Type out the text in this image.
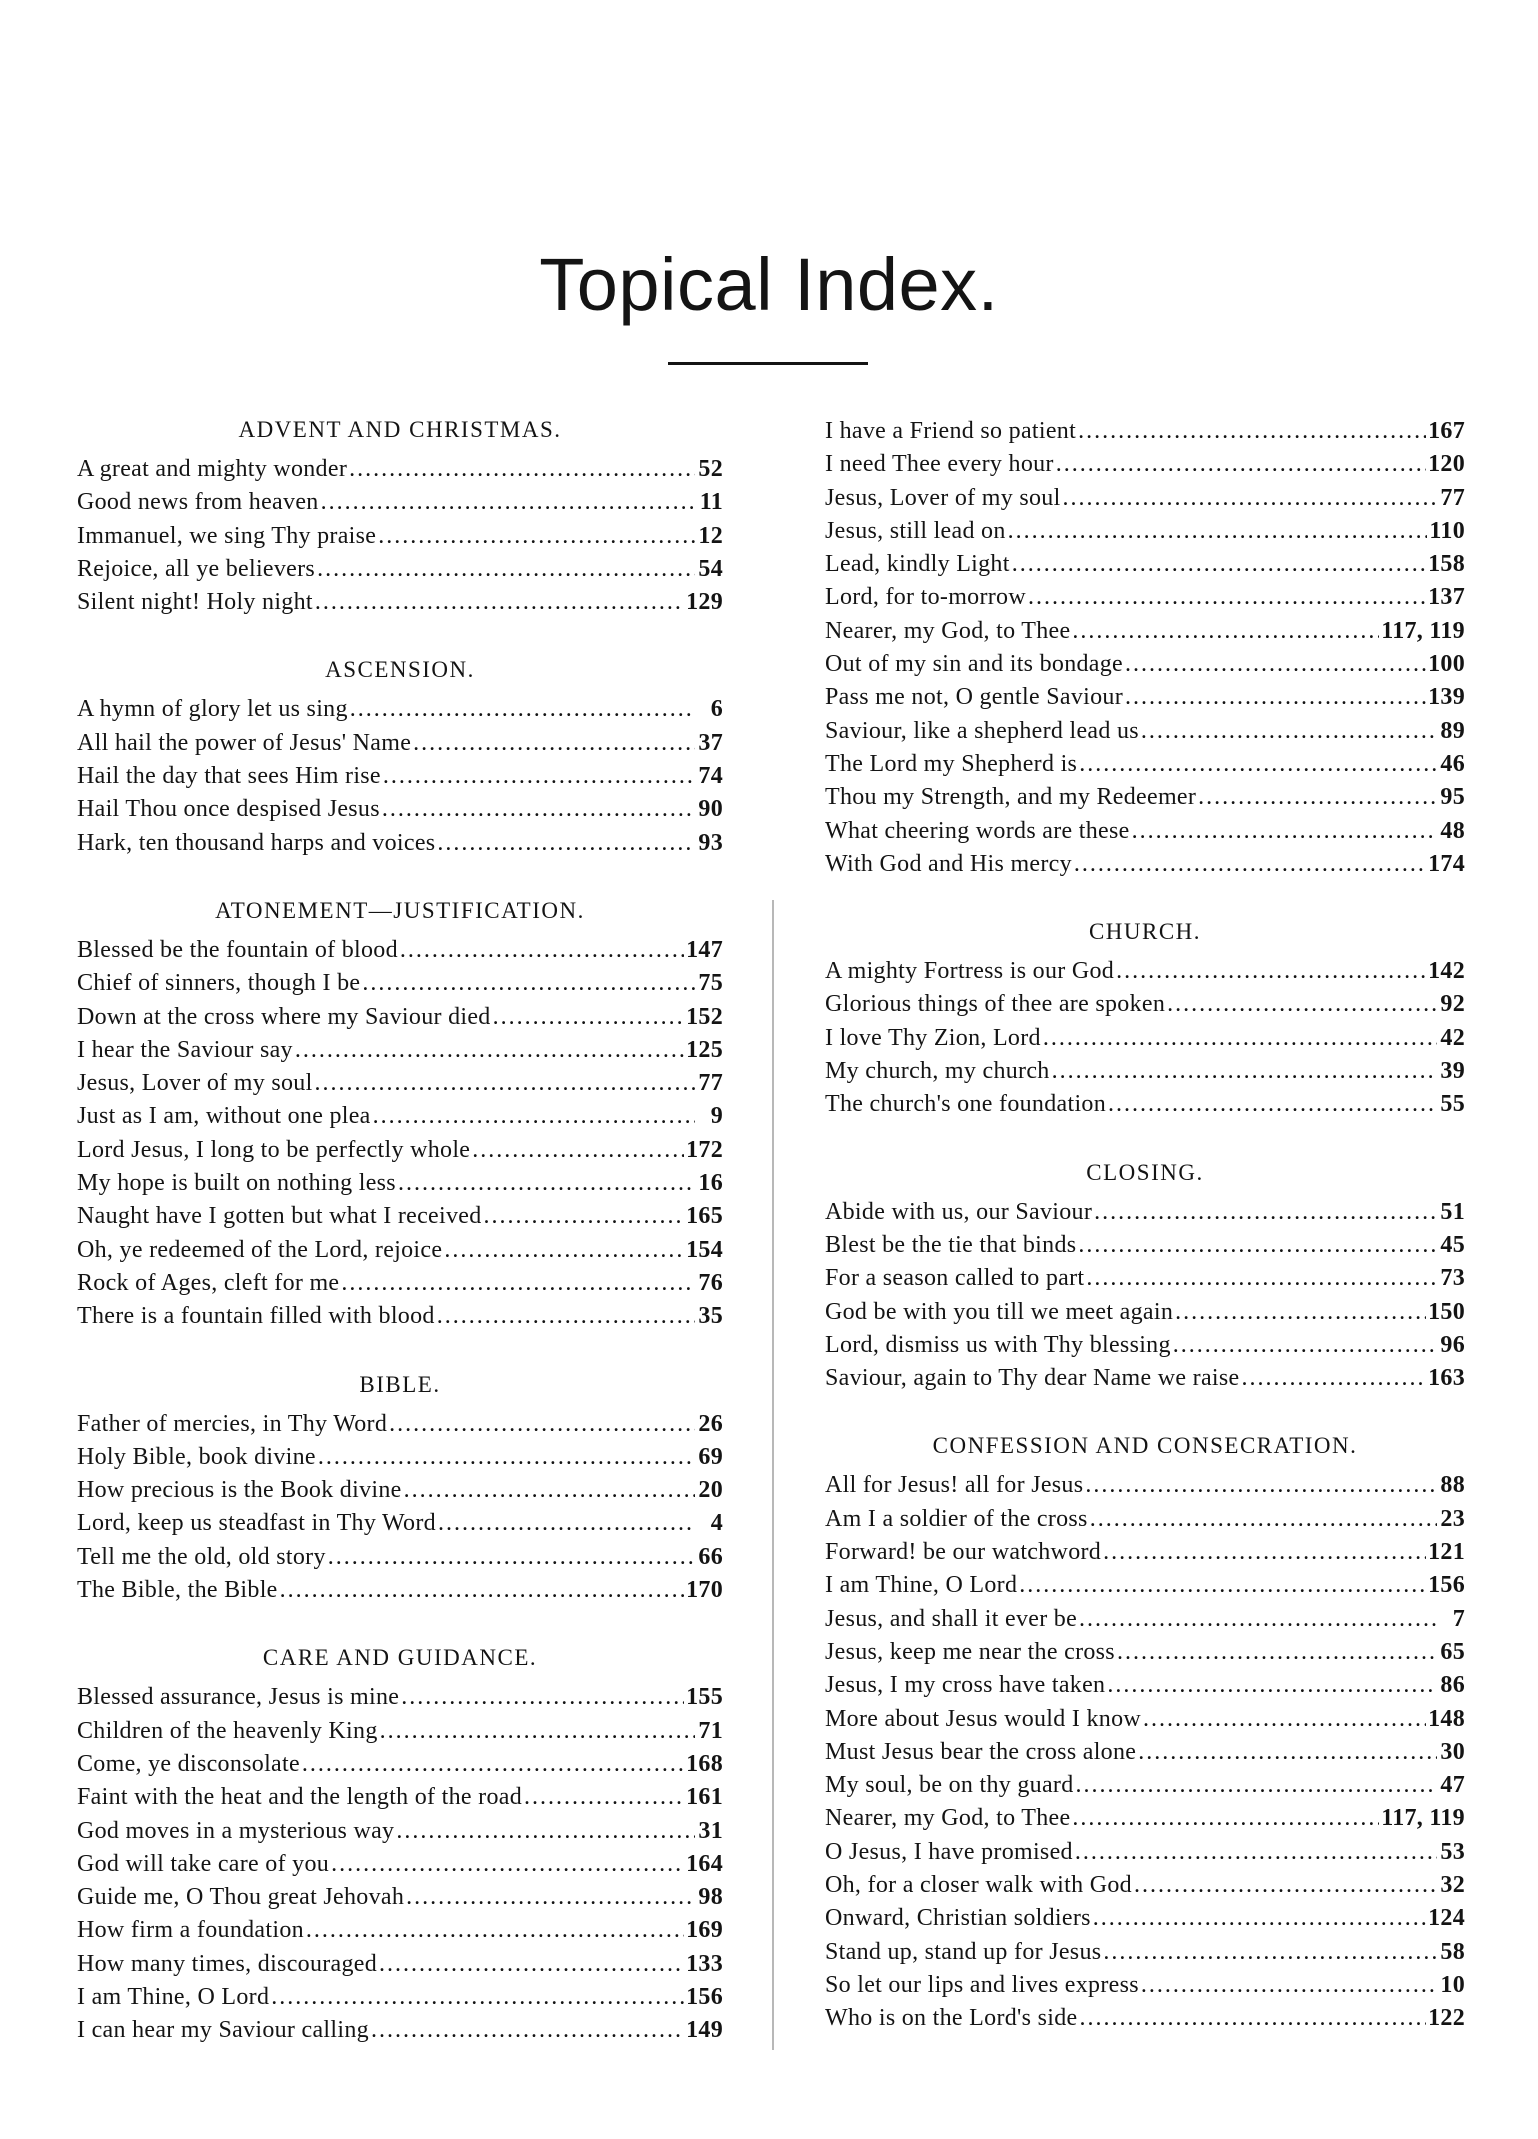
Topical Index.
ADVENT AND CHRISTMAS.
A great and mighty wonder .....	52
Good news from heaven .....	11
Immanuel, we sing Thy praise .....	12
Rejoice, all ye believers .....	54
Silent night! Holy night .....	129
ASCENSION.
A hymn of glory let us sing .....	6
All hail the power of Jesus' Name .....	37
Hail the day that sees Him rise .....	74
Hail Thou once despised Jesus .....	90
Hark, ten thousand harps and voices .....	93
ATONEMENT—JUSTIFICATION.
Blessed be the fountain of blood .....	147
Chief of sinners, though I be .....	75
Down at the cross where my Saviour died .....	152
I hear the Saviour say .....	125
Jesus, Lover of my soul .....	77
Just as I am, without one plea .....	9
Lord Jesus, I long to be perfectly whole .....	172
My hope is built on nothing less .....	16
Naught have I gotten but what I received .....	165
Oh, ye redeemed of the Lord, rejoice .....	154
Rock of Ages, cleft for me .....	76
There is a fountain filled with blood .....	35
BIBLE.
Father of mercies, in Thy Word .....	26
Holy Bible, book divine .....	69
How precious is the Book divine .....	20
Lord, keep us steadfast in Thy Word .....	4
Tell me the old, old story .....	66
The Bible, the Bible .....	170
CARE AND GUIDANCE.
Blessed assurance, Jesus is mine .....	155
Children of the heavenly King .....	71
Come, ye disconsolate .....	168
Faint with the heat and the length of the road .....	161
God moves in a mysterious way .....	31
God will take care of you .....	164
Guide me, O Thou great Jehovah .....	98
How firm a foundation .....	169
How many times, discouraged .....	133
I am Thine, O Lord .....	156
I can hear my Saviour calling .....	149
I have a Friend so patient .....	167
I need Thee every hour .....	120
Jesus, Lover of my soul .....	77
Jesus, still lead on .....	110
Lead, kindly Light .....	158
Lord, for to-morrow .....	137
Nearer, my God, to Thee .....	117, 119
Out of my sin and its bondage .....	100
Pass me not, O gentle Saviour .....	139
Saviour, like a shepherd lead us .....	89
The Lord my Shepherd is .....	46
Thou my Strength, and my Redeemer .....	95
What cheering words are these .....	48
With God and His mercy .....	174
CHURCH.
A mighty Fortress is our God .....	142
Glorious things of thee are spoken .....	92
I love Thy Zion, Lord .....	42
My church, my church .....	39
The church's one foundation .....	55
CLOSING.
Abide with us, our Saviour .....	51
Blest be the tie that binds .....	45
For a season called to part .....	73
God be with you till we meet again .....	150
Lord, dismiss us with Thy blessing .....	96
Saviour, again to Thy dear Name we raise .....	163
CONFESSION AND CONSECRATION.
All for Jesus! all for Jesus .....	88
Am I a soldier of the cross .....	23
Forward! be our watchword .....	121
I am Thine, O Lord .....	156
Jesus, and shall it ever be .....	7
Jesus, keep me near the cross .....	65
Jesus, I my cross have taken .....	86
More about Jesus would I know .....	148
Must Jesus bear the cross alone .....	30
My soul, be on thy guard .....	47
Nearer, my God, to Thee .....	117, 119
O Jesus, I have promised .....	53
Oh, for a closer walk with God .....	32
Onward, Christian soldiers .....	124
Stand up, stand up for Jesus .....	58
So let our lips and lives express .....	10
Who is on the Lord's side .....	122
